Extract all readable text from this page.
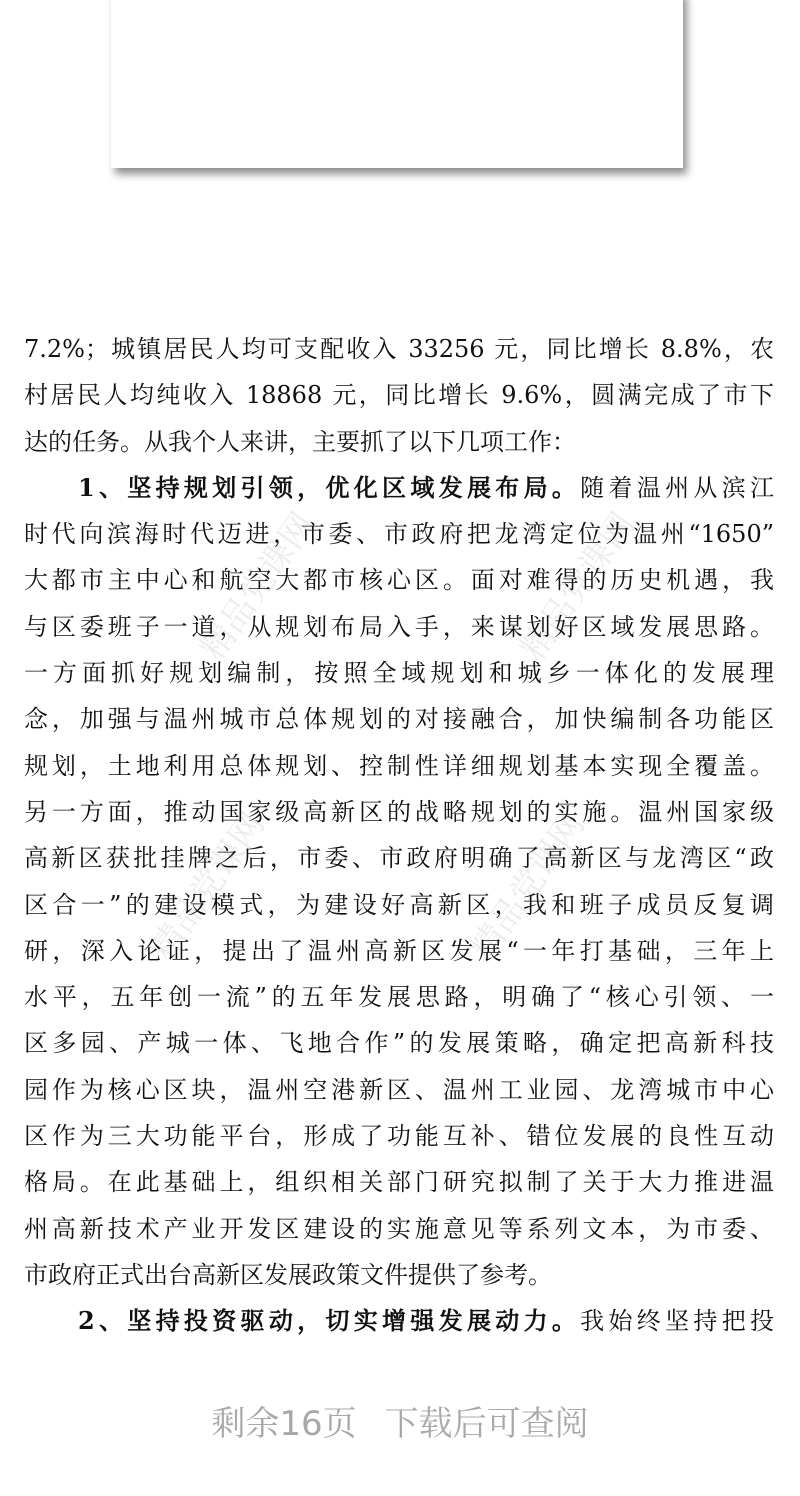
精品党课网	精品党课网
精品党课网	精品党课网
7.2%；城镇居民人均可支配收入 33256 元，同比增长 8.8%，农
村居民人均纯收入 18868 元，同比增长 9.6%，圆满完成了市下
达的任务。从我个人来讲，主要抓了以下几项工作：
1、坚持规划引领，优化区域发展布局。随着温州从滨江
时代向滨海时代迈进，市委、市政府把龙湾定位为温州“1650”
大都市主中心和航空大都市核心区。面对难得的历史机遇，我
与区委班子一道，从规划布局入手，来谋划好区域发展思路。
一方面抓好规划编制，按照全域规划和城乡一体化的发展理
念，加强与温州城市总体规划的对接融合，加快编制各功能区
规划，土地利用总体规划、控制性详细规划基本实现全覆盖。
另一方面，推动国家级高新区的战略规划的实施。温州国家级
高新区获批挂牌之后，市委、市政府明确了高新区与龙湾区“政
区合一”的建设模式，为建设好高新区，我和班子成员反复调
研，深入论证，提出了温州高新区发展“一年打基础，三年上
水平，五年创一流”的五年发展思路，明确了“核心引领、一
区多园、产城一体、飞地合作”的发展策略，确定把高新科技
园作为核心区块，温州空港新区、温州工业园、龙湾城市中心
区作为三大功能平台，形成了功能互补、错位发展的良性互动
格局。在此基础上，组织相关部门研究拟制了关于大力推进温
州高新技术产业开发区建设的实施意见等系列文本，为市委、
市政府正式出台高新区发展政策文件提供了参考。
2、坚持投资驱动，切实增强发展动力。我始终坚持把投
剩余16页 下载后可查阅
